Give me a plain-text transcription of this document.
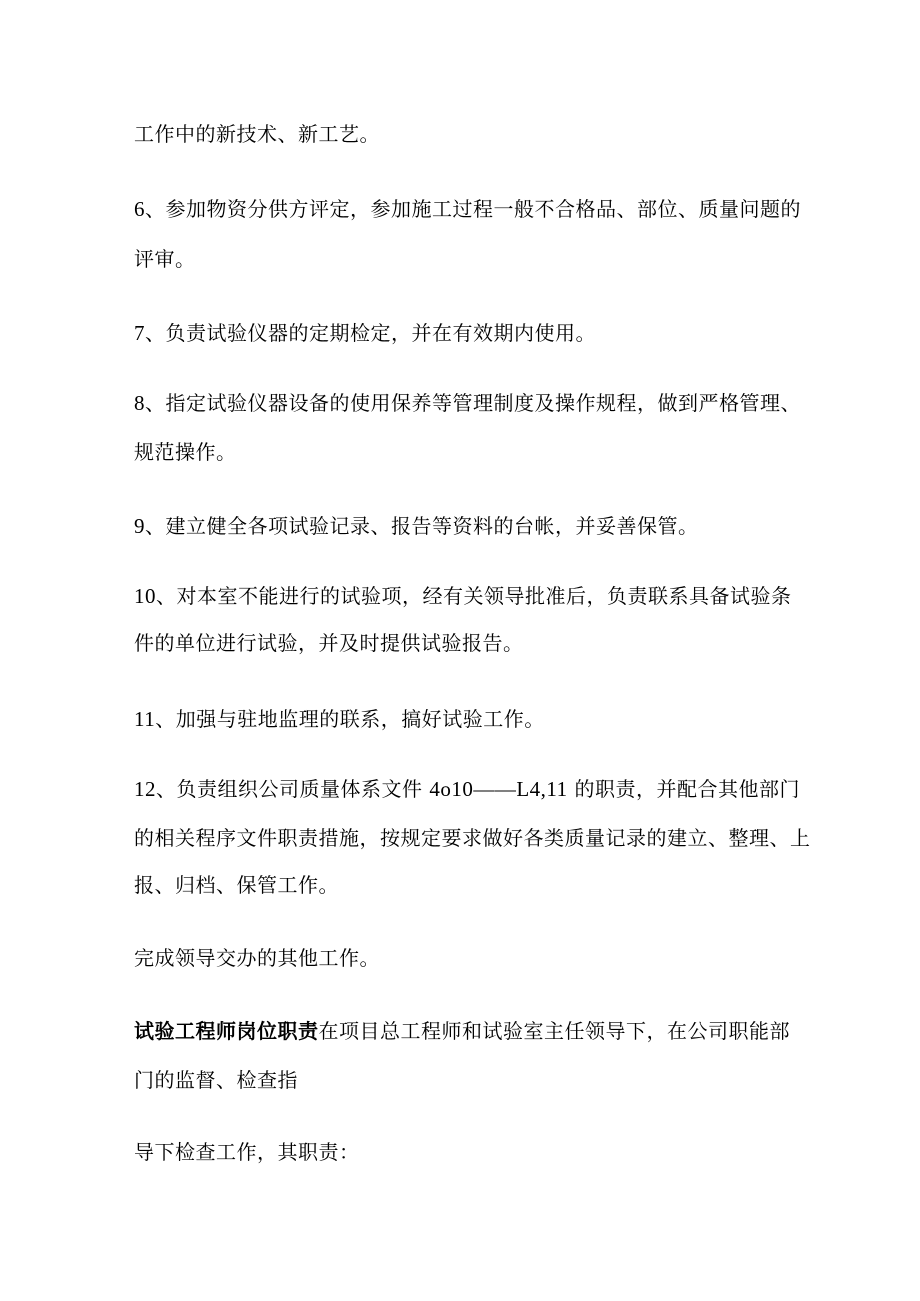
工作中的新技术、新工艺。
6、参加物资分供方评定，参加施工过程一般不合格品、部位、质量问题的
评审。
7、负责试验仪器的定期检定，并在有效期内使用。
8、指定试验仪器设备的使用保养等管理制度及操作规程，做到严格管理、
规范操作。
9、建立健全各项试验记录、报告等资料的台帐，并妥善保管。
10、对本室不能进行的试验项，经有关领导批准后，负责联系具备试验条
件的单位进行试验，并及时提供试验报告。
11、加强与驻地监理的联系，搞好试验工作。
12、负责组织公司质量体系文件 4o10——L4,11 的职责，并配合其他部门
的相关程序文件职责措施，按规定要求做好各类质量记录的建立、整理、上
报、归档、保管工作。
完成领导交办的其他工作。
试验工程师岗位职责在项目总工程师和试验室主任领导下，在公司职能部
门的监督、检查指
导下检查工作，其职责：
